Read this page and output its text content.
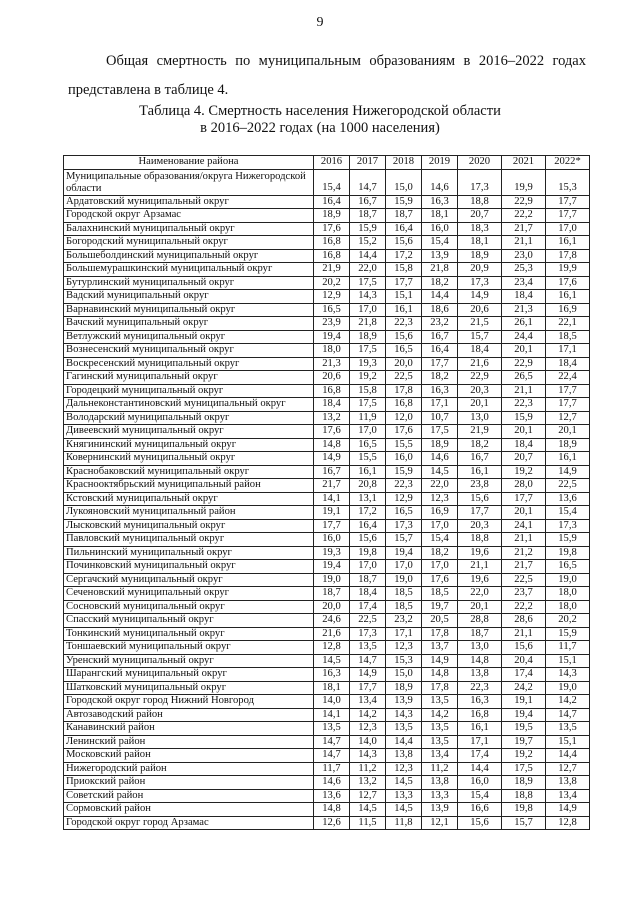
9
Общая смертность по муниципальным образованиям в 2016–2022 годах
представлена в таблице 4.
Таблица 4. Смертность населения Нижегородской области
в 2016–2022 годах (на 1000 населения)
Наименование района	2016	2017	2018	2019	2020	2021	2022*
Муниципальные образования/округа Нижегородской области	15,4	14,7	15,0	14,6	17,3	19,9	15,3
Ардатовский муниципальный округ	16,4	16,7	15,9	16,3	18,8	22,9	17,7
Городской округ Арзамас	18,9	18,7	18,7	18,1	20,7	22,2	17,7
Балахнинский муниципальный округ	17,6	15,9	16,4	16,0	18,3	21,7	17,0
Богородский муниципальный округ	16,8	15,2	15,6	15,4	18,1	21,1	16,1
Большеболдинский муниципальный округ	16,8	14,4	17,2	13,9	18,9	23,0	17,8
Большемурашкинский муниципальный округ	21,9	22,0	15,8	21,8	20,9	25,3	19,9
Бутурлинский муниципальный округ	20,2	17,5	17,7	18,2	17,3	23,4	17,6
Вадский муниципальный округ	12,9	14,3	15,1	14,4	14,9	18,4	16,1
Варнавинский муниципальный округ	16,5	17,0	16,1	18,6	20,6	21,3	16,9
Вачский муниципальный округ	23,9	21,8	22,3	23,2	21,5	26,1	22,1
Ветлужский муниципальный округ	19,4	18,9	15,6	16,7	15,7	24,4	18,5
Вознесенский муниципальный округ	18,0	17,5	16,5	16,4	18,4	20,1	17,1
Воскресенский муниципальный округ	21,3	19,3	20,0	17,7	21,6	22,9	18,4
Гагинский муниципальный округ	20,6	19,2	22,5	18,2	22,9	26,5	22,4
Городецкий муниципальный округ	16,8	15,8	17,8	16,3	20,3	21,1	17,7
Дальнеконстантиновский муниципальный округ	18,4	17,5	16,8	17,1	20,1	22,3	17,7
Володарский муниципальный округ	13,2	11,9	12,0	10,7	13,0	15,9	12,7
Дивеевский муниципальный округ	17,6	17,0	17,6	17,5	21,9	20,1	20,1
Княгининский муниципальный округ	14,8	16,5	15,5	18,9	18,2	18,4	18,9
Ковернинский муниципальный округ	14,9	15,5	16,0	14,6	16,7	20,7	16,1
Краснобаковский муниципальный округ	16,7	16,1	15,9	14,5	16,1	19,2	14,9
Краснооктябрьский муниципальный район	21,7	20,8	22,3	22,0	23,8	28,0	22,5
Кстовский муниципальный округ	14,1	13,1	12,9	12,3	15,6	17,7	13,6
Лукояновский муниципальный район	19,1	17,2	16,5	16,9	17,7	20,1	15,4
Лысковский муниципальный округ	17,7	16,4	17,3	17,0	20,3	24,1	17,3
Павловский муниципальный округ	16,0	15,6	15,7	15,4	18,8	21,1	15,9
Пильнинский муниципальный округ	19,3	19,8	19,4	18,2	19,6	21,2	19,8
Починковский муниципальный округ	19,4	17,0	17,0	17,0	21,1	21,7	16,5
Сергачский муниципальный округ	19,0	18,7	19,0	17,6	19,6	22,5	19,0
Сеченовский муниципальный округ	18,7	18,4	18,5	18,5	22,0	23,7	18,0
Сосновский муниципальный округ	20,0	17,4	18,5	19,7	20,1	22,2	18,0
Спасский муниципальный округ	24,6	22,5	23,2	20,5	28,8	28,6	20,2
Тонкинский муниципальный округ	21,6	17,3	17,1	17,8	18,7	21,1	15,9
Тоншаевский муниципальный округ	12,8	13,5	12,3	13,7	13,0	15,6	11,7
Уренский муниципальный округ	14,5	14,7	15,3	14,9	14,8	20,4	15,1
Шарангский муниципальный округ	16,3	14,9	15,0	14,8	13,8	17,4	14,3
Шатковский муниципальный округ	18,1	17,7	18,9	17,8	22,3	24,2	19,0
Городской округ город Нижний Новгород	14,0	13,4	13,9	13,5	16,3	19,1	14,2
Автозаводский район	14,1	14,2	14,3	14,2	16,8	19,4	14,7
Канавинский район	13,5	12,3	13,5	13,5	16,1	19,5	13,5
Ленинский район	14,7	14,0	14,4	13,5	17,1	19,7	15,1
Московский район	14,7	14,3	13,8	13,4	17,4	19,2	14,4
Нижегородский район	11,7	11,2	12,3	11,2	14,4	17,5	12,7
Приокский район	14,6	13,2	14,5	13,8	16,0	18,9	13,8
Советский район	13,6	12,7	13,3	13,3	15,4	18,8	13,4
Сормовский район	14,8	14,5	14,5	13,9	16,6	19,8	14,9
Городской округ город Арзамас	12,6	11,5	11,8	12,1	15,6	15,7	12,8
